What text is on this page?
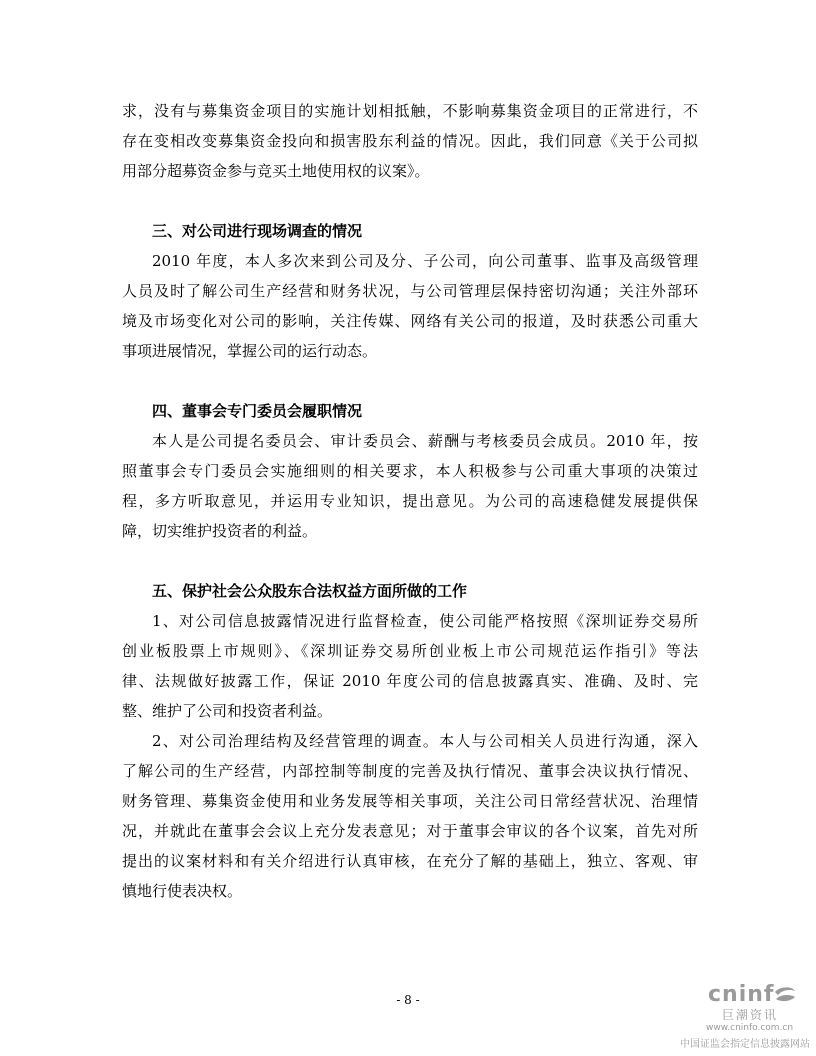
求，没有与募集资金项目的实施计划相抵触，不影响募集资金项目的正常进行，不
存在变相改变募集资金投向和损害股东利益的情况。因此，我们同意《关于公司拟
用部分超募资金参与竞买土地使用权的议案》。
三、对公司进行现场调查的情况
2010 年度，本人多次来到公司及分、子公司，向公司董事、监事及高级管理
人员及时了解公司生产经营和财务状况，与公司管理层保持密切沟通；关注外部环
境及市场变化对公司的影响，关注传媒、网络有关公司的报道，及时获悉公司重大
事项进展情况，掌握公司的运行动态。
四、董事会专门委员会履职情况
本人是公司提名委员会、审计委员会、薪酬与考核委员会成员。2010 年，按
照董事会专门委员会实施细则的相关要求，本人积极参与公司重大事项的决策过
程，多方听取意见，并运用专业知识，提出意见。为公司的高速稳健发展提供保
障，切实维护投资者的利益。
五、保护社会公众股东合法权益方面所做的工作
1、对公司信息披露情况进行监督检查，使公司能严格按照《深圳证券交易所
创业板股票上市规则》、《深圳证券交易所创业板上市公司规范运作指引》等法
律、法规做好披露工作，保证 2010 年度公司的信息披露真实、准确、及时、完
整、维护了公司和投资者利益。
2、对公司治理结构及经营管理的调查。本人与公司相关人员进行沟通，深入
了解公司的生产经营，内部控制等制度的完善及执行情况、董事会决议执行情况、
财务管理、募集资金使用和业务发展等相关事项，关注公司日常经营状况、治理情
况，并就此在董事会会议上充分发表意见；对于董事会审议的各个议案，首先对所
提出的议案材料和有关介绍进行认真审核，在充分了解的基础上，独立、客观、审
慎地行使表决权。
- 8 -	cninf
巨潮资讯
www.cninfo.com.cn
中国证监会指定信息披露网站
